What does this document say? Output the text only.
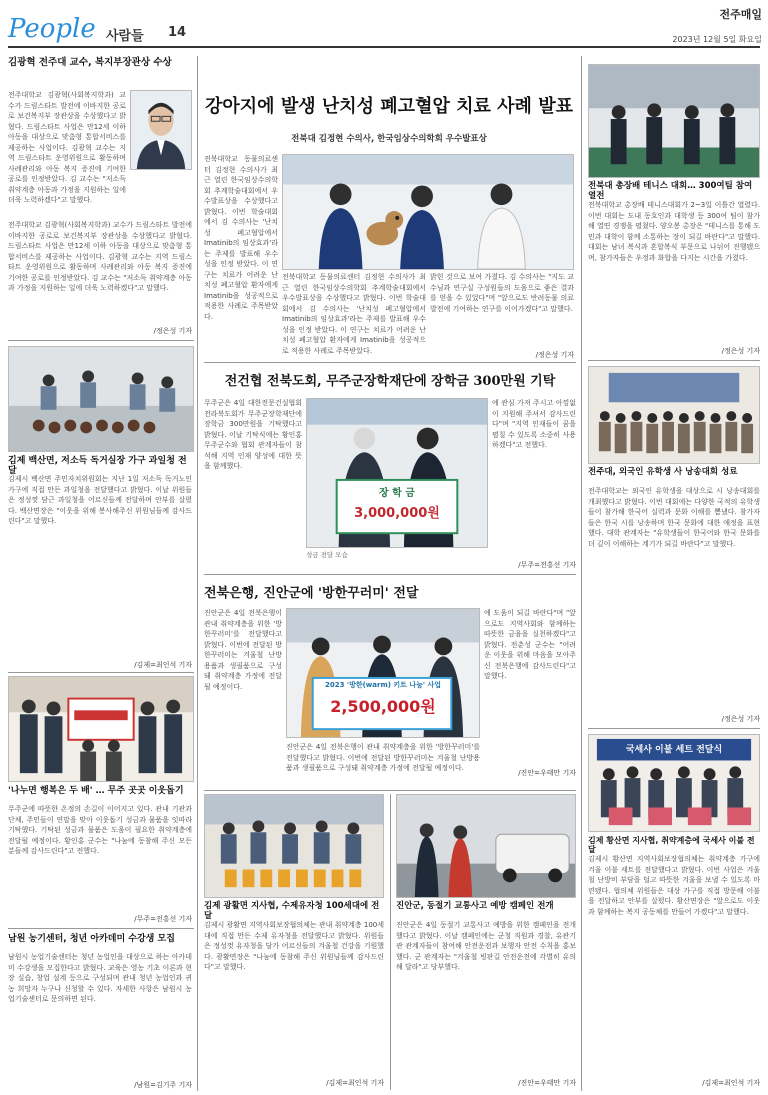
People 사람들	14
전주매일
2023년 12월 5일 화요일
김광혁 전주대 교수, 복지부장관상 수상
전주대학교 김광혁(사회복지학과) 교수가 드림스타트 발전에 이바지한 공로로 보건복지부 장관상을 수상했다고 밝혔다. 드림스타트 사업은 만12세 이하 아동을 대상으로 맞춤형 통합서비스를 제공하는 사업이다. 김광혁 교수는 지역 드림스타트 운영위원으로 활동하며 사례관리와 아동 복지 증진에 기여한 공로를 인정받았다. 김 교수는 "저소득 취약계층 아동과 가정을 지원하는 일에 더욱 노력하겠다"고 말했다.
전주대학교 김광혁(사회복지학과) 교수가 드림스타트 발전에 이바지한 공로로 보건복지부 장관상을 수상했다고 밝혔다. 드림스타트 사업은 만12세 이하 아동을 대상으로 맞춤형 통합서비스를 제공하는 사업이다. 김광혁 교수는 지역 드림스타트 운영위원으로 활동하며 사례관리와 아동 복지 증진에 기여한 공로를 인정받았다. 김 교수는 "저소득 취약계층 아동과 가정을 지원하는 일에 더욱 노력하겠다"고 말했다.
/정은성 기자
김제 백산면, 저소득 독거실장 가구 과일청 전달
김제시 백산면 주민자치위원회는 지난 1일 저소득 독거노인 가구에 직접 만든 과일청을 전달했다고 밝혔다. 이날 위원들은 정성껏 담근 과일청을 어르신들께 전달하며 안부를 살폈다. 백산면장은 "이웃을 위해 봉사해주신 위원님들께 감사드린다"고 말했다.
/김제=최인석 기자
'나누면 행복은 두 배' … 무주 곳곳 이웃돕기
무주군에 따뜻한 온정의 손길이 이어지고 있다. 관내 기관과 단체, 주민들이 연말을 맞아 이웃돕기 성금과 물품을 잇따라 기탁했다. 기탁된 성금과 물품은 도움이 필요한 취약계층에 전달될 예정이다. 황인홍 군수는 "나눔에 동참해 주신 모든 분들께 감사드린다"고 전했다.
/무주=전흥선 기자
남원 농기센터, 청년 아카데미 수강생 모집
남원시 농업기술센터는 청년 농업인을 대상으로 하는 아카데미 수강생을 모집한다고 밝혔다. 교육은 영농 기초 이론과 현장 실습, 창업 설계 등으로 구성되며 관내 청년 농업인과 귀농 희망자 누구나 신청할 수 있다. 자세한 사항은 남원시 농업기술센터로 문의하면 된다.
/남원=김기주 기자
강아지에 발생 난치성 폐고혈압 치료 사례 발표
전북대 김정현 수의사, 한국임상수의학회 우수발표상
전북대학교 동물의료센터 김정현 수의사가 최근 열린 한국임상수의학회 추계학술대회에서 우수발표상을 수상했다고 밝혔다. 이번 학술대회에서 김 수의사는 '난치성 폐고혈압에서 Imatinib의 임상효과'라는 주제를 발표해 우수성을 인정 받았다. 이 연구는 치료가 어려운 난치성 폐고혈압 환자에게 Imatinib을 성공적으로 적용한 사례로 주목받았다.
전북대학교 동물의료센터 김정현 수의사가 최근 열린 한국임상수의학회 추계학술대회에서 우수발표상을 수상했다고 밝혔다. 이번 학술대회에서 김 수의사는 '난치성 폐고혈압에서 Imatinib의 임상효과'라는 주제를 발표해 우수성을 인정 받았다. 이 연구는 치료가 어려운 난치성 폐고혈압 환자에게 Imatinib을 성공적으로 적용한 사례로 주목받았다.
밝힌 것으로 보여 가졌다. 김 수의사는 "지도 교수님과 연구실 구성원들의 도움으로 좋은 결과를 얻을 수 있었다"며 "앞으로도 반려동물 의료 발전에 기여하는 연구를 이어가겠다"고 말했다.
/정은성 기자
전건협 전북도회, 무주군장학재단에 장학금 300만원 기탁
무주군은 4일 대한전문건설협회 전라북도회가 무주군장학재단에 장학금 300만원을 기탁했다고 밝혔다. 이날 기탁식에는 황인홍 무주군수와 협회 관계자들이 참석해 지역 인재 양성에 대한 뜻을 함께했다.
장 학 금
3,000,000원
성금 전달 모습
에 관심 가져 주시고 아낌없이 지원해 주셔서 감사드린다"며 "지역 인재들이 꿈을 펼칠 수 있도록 소중히 사용하겠다"고 전했다.
/무주=전흥선 기자
전북은행, 진안군에 '방한꾸러미' 전달
진안군은 4일 전북은행이 관내 취약계층을 위한 '방한꾸러미'를 전달했다고 밝혔다. 이번에 전달된 방한꾸러미는 겨울철 난방용품과 생필품으로 구성돼 취약계층 가정에 전달될 예정이다.	2023 '방한(warm) 키트 나눔' 사업
2,500,000원
진안군은 4일 전북은행이 관내 취약계층을 위한 '방한꾸러미'를 전달했다고 밝혔다. 이번에 전달된 방한꾸러미는 겨울철 난방용품과 생필품으로 구성돼 취약계층 가정에 전달될 예정이다.
에 도움이 되길 바란다"며 "앞으로도 지역사회와 함께하는 따뜻한 금융을 실천하겠다"고 밝혔다. 전춘성 군수는 "어려운 이웃을 위해 마음을 모아주신 전북은행에 감사드린다"고 말했다.
/진안=우태만 기자
김제 광활면 지사협, 수제유자청 100세대에 전달
김제시 광활면 지역사회보장협의체는 관내 취약계층 100세대에 직접 만든 수제 유자청을 전달했다고 밝혔다. 위원들은 정성껏 유자청을 담가 어르신들의 겨울철 건강을 기원했다. 광활면장은 "나눔에 동참해 주신 위원님들께 감사드린다"고 말했다.
/김제=최인석 기자
진안군, 동절기 교통사고 예방 캠페인 전개
진안군은 4일 동절기 교통사고 예방을 위한 캠페인을 전개했다고 밝혔다. 이날 캠페인에는 군청 직원과 경찰, 유관기관 관계자들이 참여해 안전운전과 보행자 안전 수칙을 홍보했다. 군 관계자는 "겨울철 빙판길 안전운전에 각별히 유의해 달라"고 당부했다.
/진안=우태만 기자
전북대 총장배 테니스 대회… 300여팀 참여 열전
전북대학교 총장배 테니스대회가 2~3일 이틀간 열렸다. 이번 대회는 도내 동호인과 대학생 등 300여 팀이 참가해 열띤 경쟁을 펼쳤다. 양오봉 총장은 "테니스를 통해 도민과 대학이 함께 소통하는 장이 되길 바란다"고 말했다. 대회는 남녀 복식과 혼합복식 부문으로 나뉘어 진행됐으며, 참가자들은 우정과 화합을 다지는 시간을 가졌다.
/정은성 기자
전주대, 외국인 유학생 사 낭송대회 성료
전주대학교는 외국인 유학생을 대상으로 시 낭송대회를 개최했다고 밝혔다. 이번 대회에는 다양한 국적의 유학생들이 참가해 한국어 실력과 문화 이해를 뽐냈다. 참가자들은 한국 시를 낭송하며 한국 문화에 대한 애정을 표현했다. 대학 관계자는 "유학생들이 한국어와 한국 문화를 더 깊이 이해하는 계기가 되길 바란다"고 말했다.
/정은성 기자
국세사 이불 세트 전달식
김제 황산면 지사협, 취약계층에 국세사 이불 전달
김제시 황산면 지역사회보장협의체는 취약계층 가구에 겨울 이불 세트를 전달했다고 밝혔다. 이번 사업은 겨울철 난방비 부담을 덜고 따뜻한 겨울을 보낼 수 있도록 마련됐다. 협의체 위원들은 대상 가구를 직접 방문해 이불을 전달하고 안부를 살폈다. 황산면장은 "앞으로도 이웃과 함께하는 복지 공동체를 만들어 가겠다"고 말했다.
/김제=최인석 기자
